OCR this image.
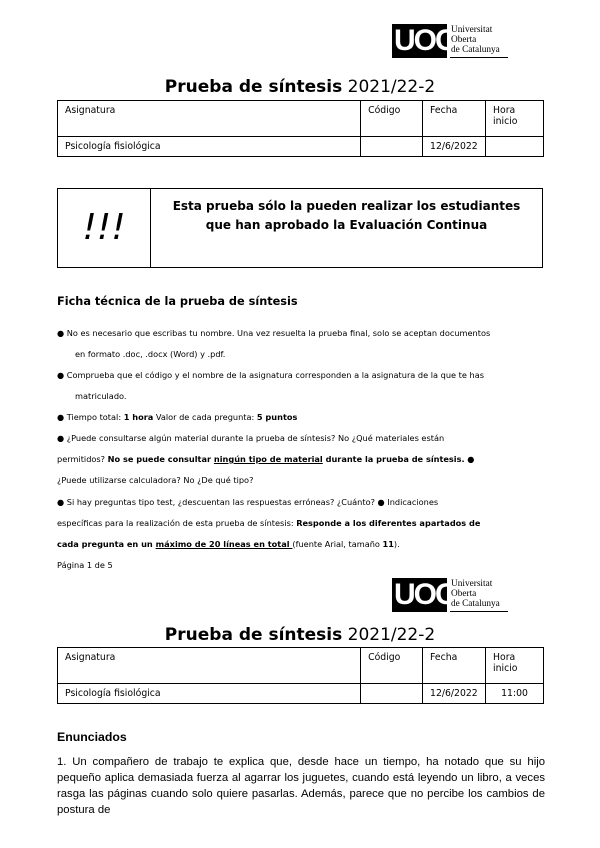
UOC
Universitat
Oberta
de Catalunya
Prueba de síntesis 2021/22-2
Asignatura	Código	Fecha	Hora inicio
Psicología fisiológica		12/6/2022	
!!!
Esta prueba sólo la pueden realizar los estudiantes
que han aprobado la Evaluación Continua
Ficha técnica de la prueba de síntesis
● No es necesario que escribas tu nombre. Una vez resuelta la prueba final, solo se aceptan documentos
en formato .doc, .docx (Word) y .pdf.
● Comprueba que el código y el nombre de la asignatura corresponden a la asignatura de la que te has
matriculado.
● Tiempo total: 1 hora Valor de cada pregunta: 5 puntos
● ¿Puede consultarse algún material durante la prueba de síntesis? No ¿Qué materiales están
permitidos? No se puede consultar ningún tipo de material durante la prueba de síntesis. ●
¿Puede utilizarse calculadora? No ¿De qué tipo?
● Si hay preguntas tipo test, ¿descuentan las respuestas erróneas? ¿Cuánto? ● Indicaciones
específicas para la realización de esta prueba de síntesis: Responde a los diferentes apartados de
cada pregunta en un máximo de 20 líneas en total (fuente Arial, tamaño 11).
Página 1 de 5
UOC
Universitat
Oberta
de Catalunya
Prueba de síntesis 2021/22-2
Asignatura	Código	Fecha	Hora inicio
Psicología fisiológica		12/6/2022	11:00
Enunciados
1. Un compañero de trabajo te explica que, desde hace un tiempo, ha notado que su hijo pequeño aplica demasiada fuerza al agarrar los juguetes, cuando está leyendo un libro, a veces rasga las páginas cuando solo quiere pasarlas. Además, parece que no percibe los cambios de postura de
